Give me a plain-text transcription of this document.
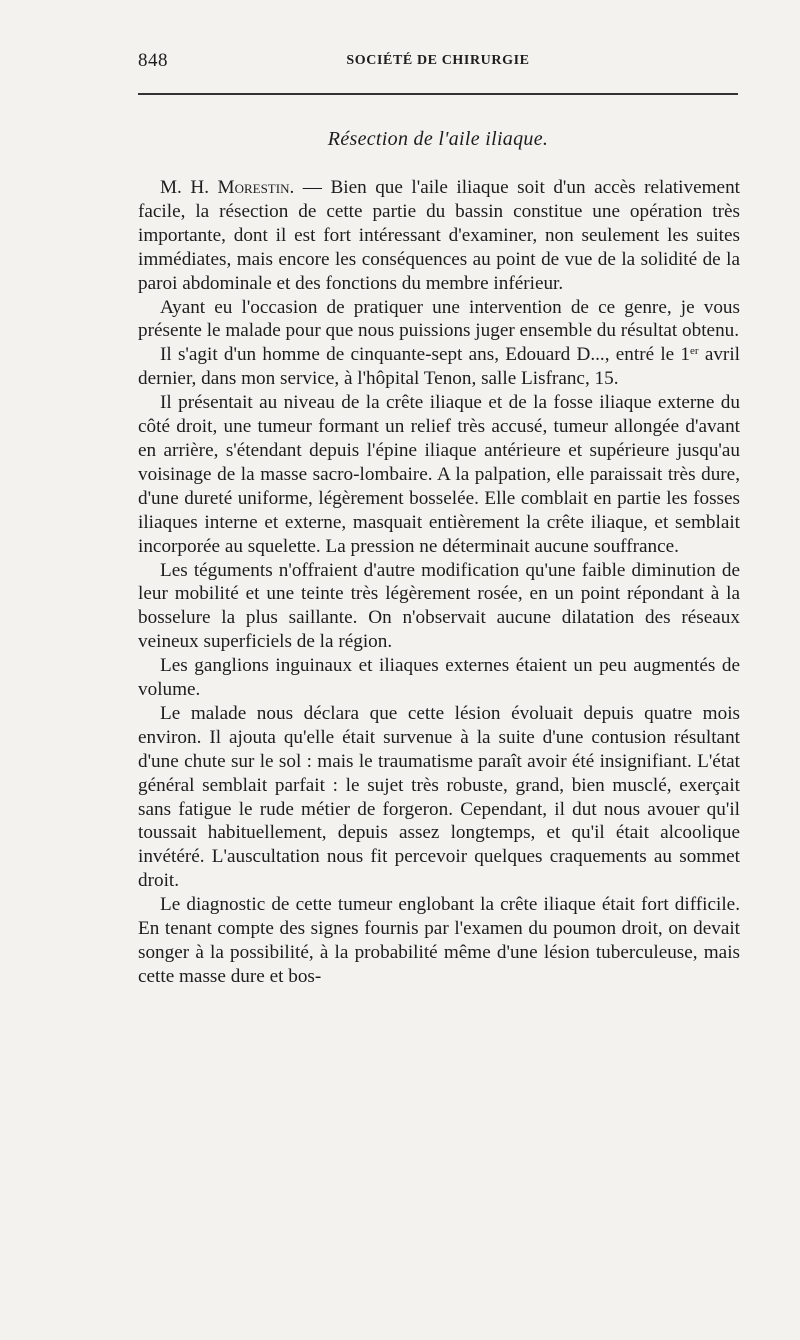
848	SOCIÉTÉ DE CHIRURGIE
Résection de l'aile iliaque.

M. H. Morestin. — Bien que l'aile iliaque soit d'un accès relativement facile, la résection de cette partie du bassin constitue une opération très importante, dont il est fort intéressant d'examiner, non seulement les suites immédiates, mais encore les conséquences au point de vue de la solidité de la paroi abdominale et des fonctions du membre inférieur.

Ayant eu l'occasion de pratiquer une intervention de ce genre, je vous présente le malade pour que nous puissions juger ensemble du résultat obtenu.

Il s'agit d'un homme de cinquante-sept ans, Edouard D..., entré le 1er avril dernier, dans mon service, à l'hôpital Tenon, salle Lisfranc, 15.

Il présentait au niveau de la crête iliaque et de la fosse iliaque externe du côté droit, une tumeur formant un relief très accusé, tumeur allongée d'avant en arrière, s'étendant depuis l'épine iliaque antérieure et supérieure jusqu'au voisinage de la masse sacro-lombaire. A la palpation, elle paraissait très dure, d'une dureté uniforme, légèrement bosselée. Elle comblait en partie les fosses iliaques interne et externe, masquait entièrement la crête iliaque, et semblait incorporée au squelette. La pression ne déterminait aucune souffrance.

Les téguments n'offraient d'autre modification qu'une faible diminution de leur mobilité et une teinte très légèrement rosée, en un point répondant à la bosselure la plus saillante. On n'observait aucune dilatation des réseaux veineux superficiels de la région.

Les ganglions inguinaux et iliaques externes étaient un peu augmentés de volume.

Le malade nous déclara que cette lésion évoluait depuis quatre mois environ. Il ajouta qu'elle était survenue à la suite d'une contusion résultant d'une chute sur le sol : mais le traumatisme paraît avoir été insignifiant. L'état général semblait parfait : le sujet très robuste, grand, bien musclé, exerçait sans fatigue le rude métier de forgeron. Cependant, il dut nous avouer qu'il toussait habituellement, depuis assez longtemps, et qu'il était alcoolique invétéré. L'auscultation nous fit percevoir quelques craquements au sommet droit.

Le diagnostic de cette tumeur englobant la crête iliaque était fort difficile. En tenant compte des signes fournis par l'examen du poumon droit, on devait songer à la possibilité, à la probabilité même d'une lésion tuberculeuse, mais cette masse dure et bos-
